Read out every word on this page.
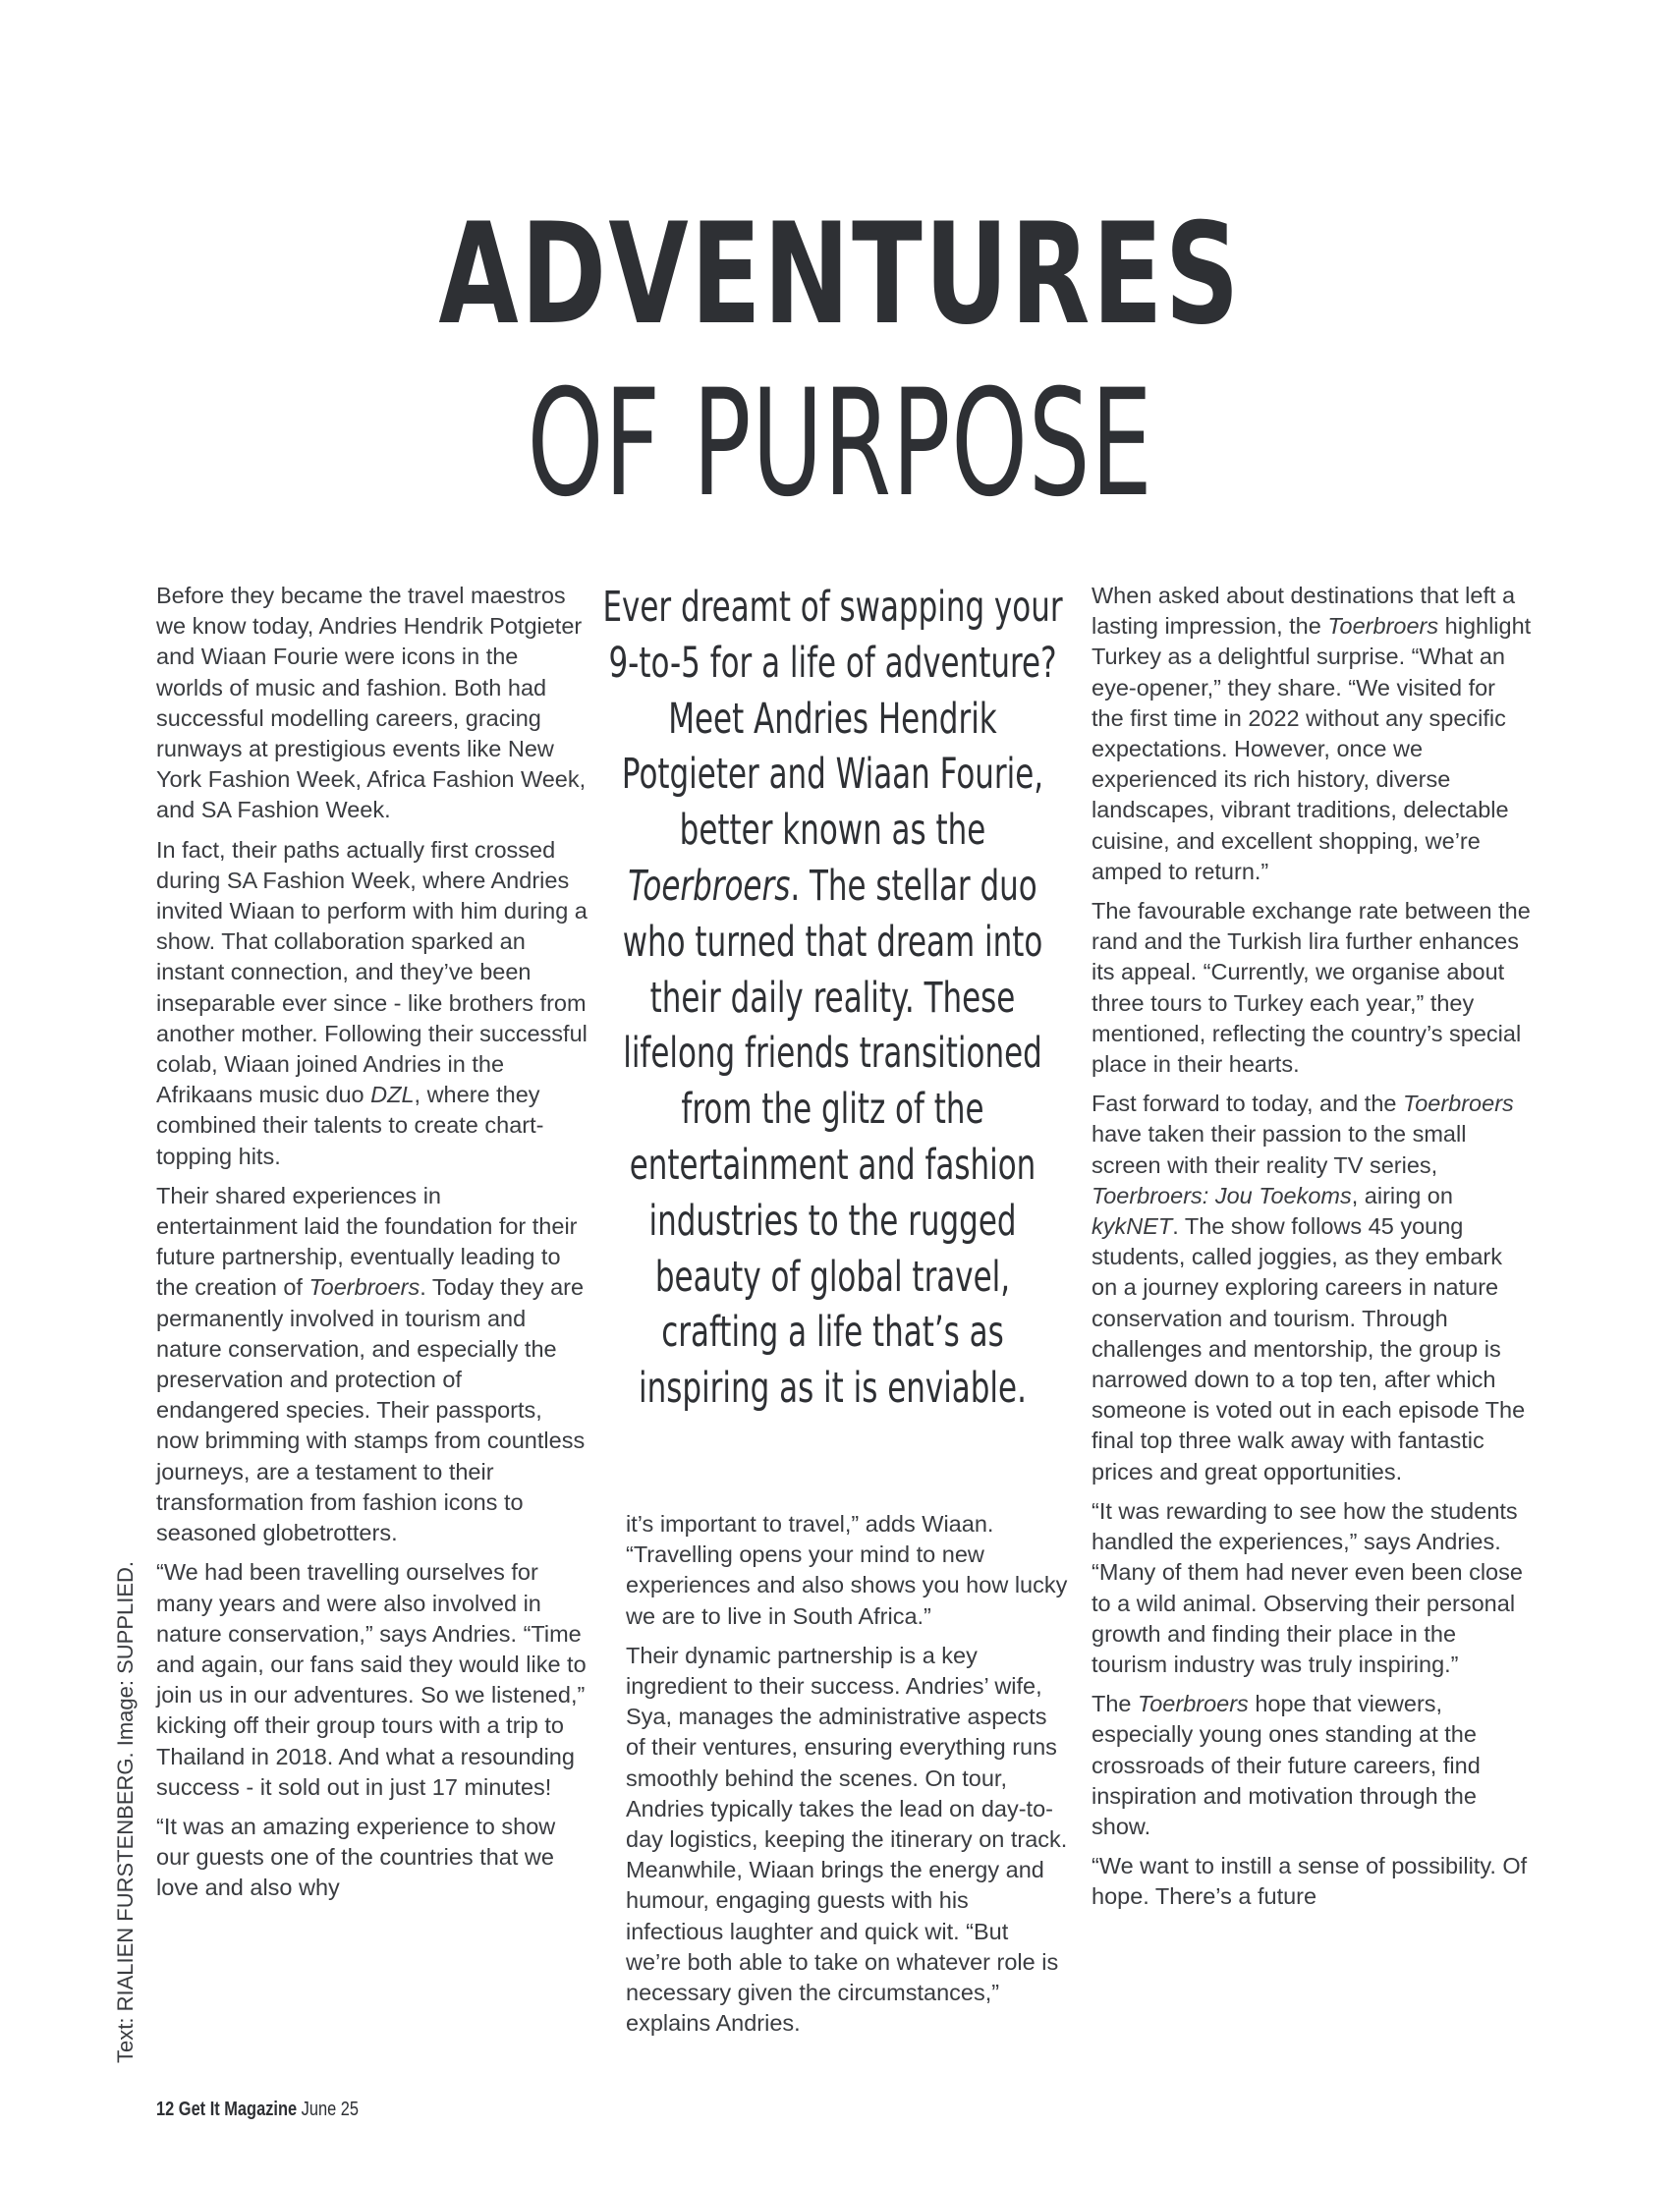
ADVENTURES
OF PURPOSE

Before they became the travel maestros we know today, Andries Hendrik Potgieter and Wiaan Fourie were icons in the worlds of music and fashion. Both had successful modelling careers, gracing runways at prestigious events like New York Fashion Week, Africa Fashion Week, and SA Fashion Week.

In fact, their paths actually first crossed during SA Fashion Week, where Andries invited Wiaan to perform with him during a show. That collaboration sparked an instant connection, and they’ve been inseparable ever since - like brothers from another mother. Following their successful colab, Wiaan joined Andries in the Afrikaans music duo DZL, where they combined their talents to create chart-topping hits.

Their shared experiences in entertainment laid the foundation for their future partnership, eventually leading to the creation of Toerbroers. Today they are permanently involved in tourism and nature conservation, and especially the preservation and protection of endangered species. Their passports, now brimming with stamps from countless journeys, are a testament to their transformation from fashion icons to seasoned globetrotters.

“We had been travelling ourselves for many years and were also involved in nature conservation,” says Andries. “Time and again, our fans said they would like to join us in our adventures. So we listened,” kicking off their group tours with a trip to Thailand in 2018. And what a resounding success - it sold out in just 17 minutes!

“It was an amazing experience to show our guests one of the countries that we love and also why

Ever dreamt of swapping your 9-to-5 for a life of adventure? Meet Andries Hendrik Potgieter and Wiaan Fourie, better known as the Toerbroers. The stellar duo who turned that dream into their daily reality. These lifelong friends transitioned from the glitz of the entertainment and fashion industries to the rugged beauty of global travel, crafting a life that’s as inspiring as it is enviable.

it’s important to travel,” adds Wiaan. “Travelling opens your mind to new experiences and also shows you how lucky we are to live in South Africa.”

Their dynamic partnership is a key ingredient to their success. Andries’ wife, Sya, manages the administrative aspects of their ventures, ensuring everything runs smoothly behind the scenes. On tour, Andries typically takes the lead on day-to-day logistics, keeping the itinerary on track. Meanwhile, Wiaan brings the energy and humour, engaging guests with his infectious laughter and quick wit. “But we’re both able to take on whatever role is necessary given the circumstances,” explains Andries.

When asked about destinations that left a lasting impression, the Toerbroers highlight Turkey as a delightful surprise. “What an eye-opener,” they share. “We visited for the first time in 2022 without any specific expectations. However, once we experienced its rich history, diverse landscapes, vibrant traditions, delectable cuisine, and excellent shopping, we’re amped to return.”

The favourable exchange rate between the rand and the Turkish lira further enhances its appeal. “Currently, we organise about three tours to Turkey each year,” they mentioned, reflecting the country’s special place in their hearts.

Fast forward to today, and the Toerbroers have taken their passion to the small screen with their reality TV series, Toerbroers: Jou Toekoms, airing on kykNET. The show follows 45 young students, called joggies, as they embark on a journey exploring careers in nature conservation and tourism. Through challenges and mentorship, the group is narrowed down to a top ten, after which someone is voted out in each episode The final top three walk away with fantastic prices and great opportunities.

“It was rewarding to see how the students handled the experiences,” says Andries. “Many of them had never even been close to a wild animal. Observing their personal growth and finding their place in the tourism industry was truly inspiring.”

The Toerbroers hope that viewers, especially young ones standing at the crossroads of their future careers, find inspiration and motivation through the show.

“We want to instill a sense of possibility. Of hope. There’s a future

Text: RIALIEN FURSTENBERG. Image: SUPPLIED.
12 Get It Magazine June 25
